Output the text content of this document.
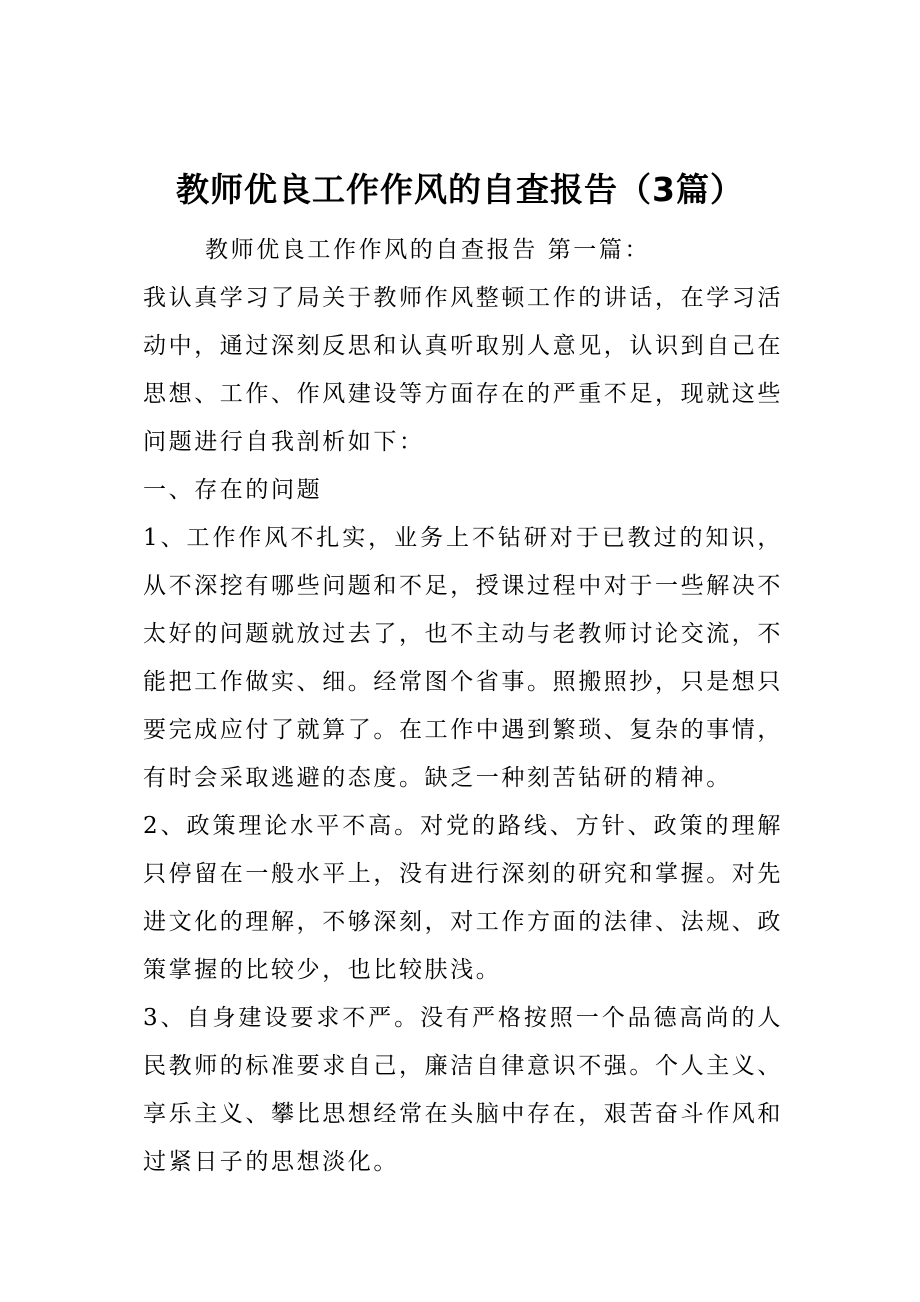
教师优良工作作风的自查报告（3篇）

教师优良工作作风的自查报告 第一篇：

我认真学习了局关于教师作风整顿工作的讲话，在学习活动中，通过深刻反思和认真听取别人意见，认识到自己在思想、工作、作风建设等方面存在的严重不足，现就这些问题进行自我剖析如下：

一、存在的问题

1、工作作风不扎实，业务上不钻研对于已教过的知识，从不深挖有哪些问题和不足，授课过程中对于一些解决不太好的问题就放过去了，也不主动与老教师讨论交流，不能把工作做实、细。经常图个省事。照搬照抄，只是想只要完成应付了就算了。在工作中遇到繁琐、复杂的事情，有时会采取逃避的态度。缺乏一种刻苦钻研的精神。

2、政策理论水平不高。对党的路线、方针、政策的理解只停留在一般水平上，没有进行深刻的研究和掌握。对先进文化的理解，不够深刻，对工作方面的法律、法规、政策掌握的比较少，也比较肤浅。

3、自身建设要求不严。没有严格按照一个品德高尚的人民教师的标准要求自己，廉洁自律意识不强。个人主义、享乐主义、攀比思想经常在头脑中存在，艰苦奋斗作风和过紧日子的思想淡化。
